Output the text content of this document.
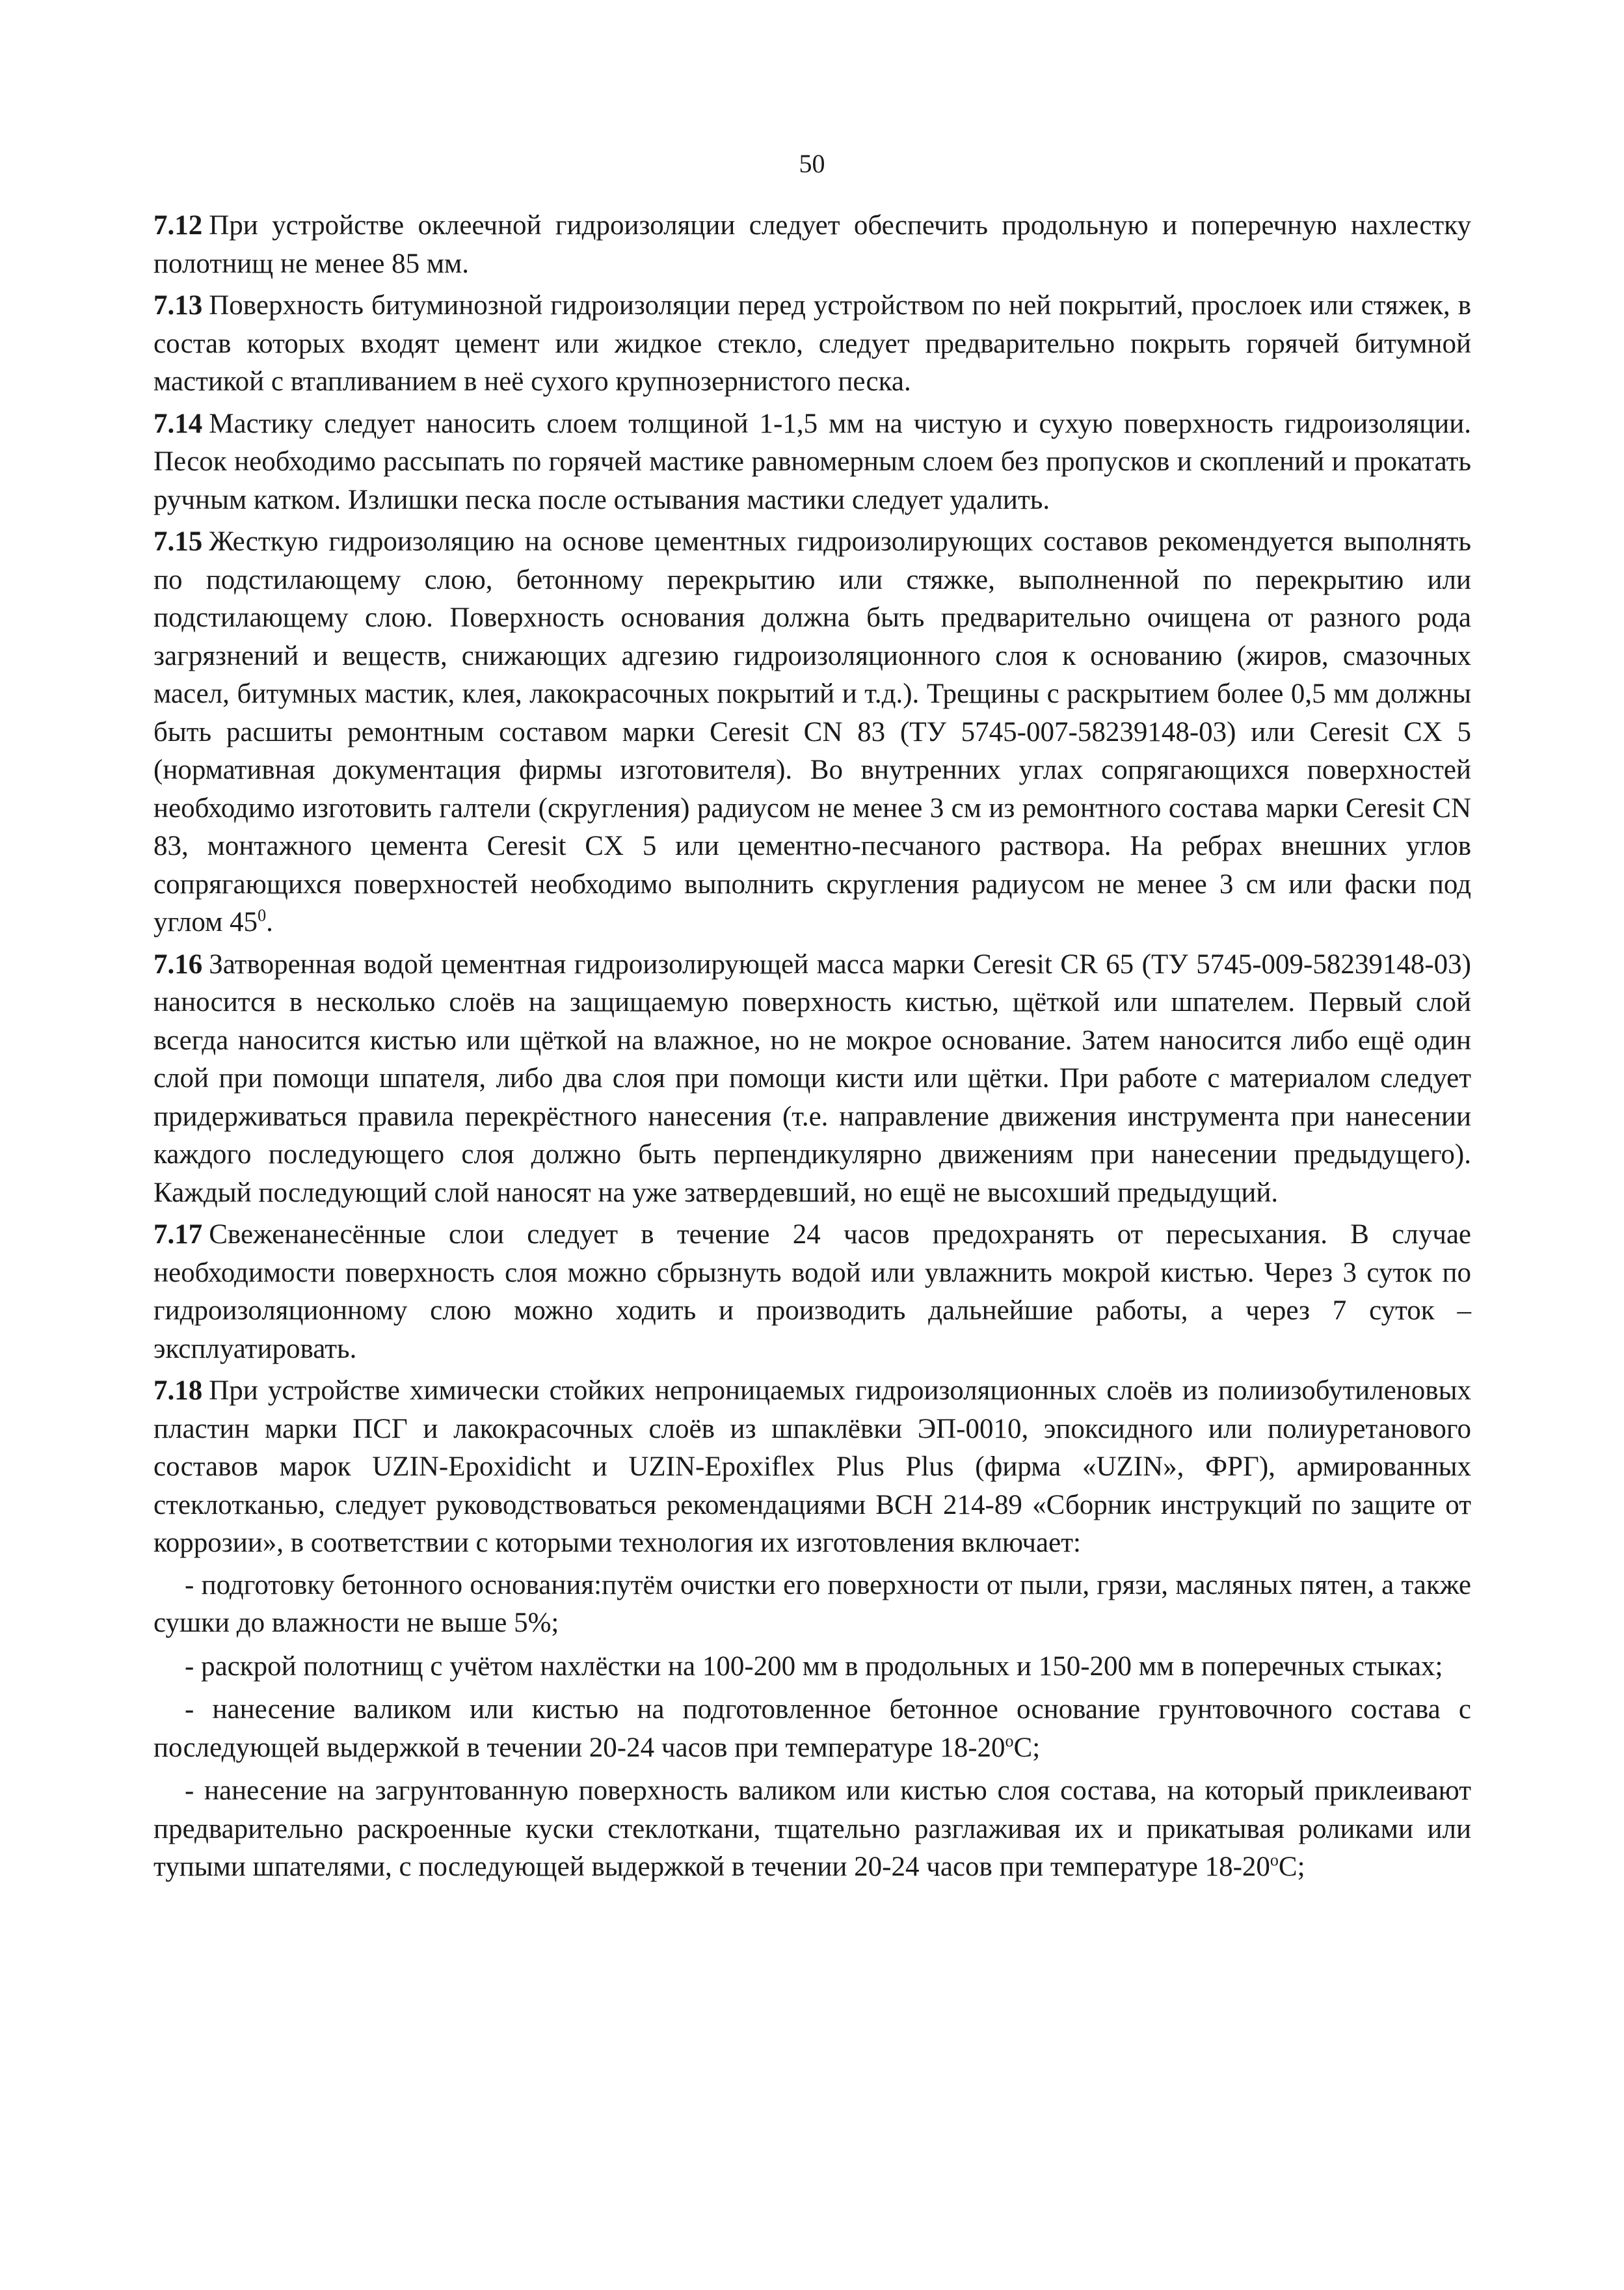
50

7.12 При устройстве оклеечной гидроизоляции следует обеспечить продольную и поперечную нахлестку полотнищ не менее 85 мм.

7.13 Поверхность битуминозной гидроизоляции перед устройством по ней покрытий, прослоек или стяжек, в состав которых входят цемент или жидкое стекло, следует предварительно покрыть горячей битумной мастикой с втапливанием в неё сухого крупнозернистого песка.

7.14 Мастику следует наносить слоем толщиной 1-1,5 мм на чистую и сухую поверхность гидроизоляции. Песок необходимо рассыпать по горячей мастике равномерным слоем без пропусков и скоплений и прокатать ручным катком. Излишки песка после остывания мастики следует удалить.

7.15 Жесткую гидроизоляцию на основе цементных гидроизолирующих составов рекомендуется выполнять по подстилающему слою, бетонному перекрытию или стяжке, выполненной по перекрытию или подстилающему слою. Поверхность основания должна быть предварительно очищена от разного рода загрязнений и веществ, снижающих адгезию гидроизоляционного слоя к основанию (жиров, смазочных масел, битумных мастик, клея, лакокрасочных покрытий и т.д.). Трещины с раскрытием более 0,5 мм должны быть расшиты ремонтным составом марки Ceresit CN 83 (ТУ 5745-007-58239148-03) или Ceresit CX 5 (нормативная документация фирмы изготовителя). Во внутренних углах сопрягающихся поверхностей необходимо изготовить галтели (скругления) радиусом не менее 3 см из ремонтного состава марки Ceresit CN 83, монтажного цемента Ceresit CX 5 или цементно-песчаного раствора. На ребрах внешних углов сопрягающихся поверхностей необходимо выполнить скругления радиусом не менее 3 см или фаски под углом $45^0$.

7.16 Затворенная водой цементная гидроизолирующей масса марки Ceresit CR 65 (ТУ 5745-009-58239148-03) наносится в несколько слоёв на защищаемую поверхность кистью, щёткой или шпателем. Первый слой всегда наносится кистью или щёткой на влажное, но не мокрое основание. Затем наносится либо ещё один слой при помощи шпателя, либо два слоя при помощи кисти или щётки. При работе с материалом следует придерживаться правила перекрёстного нанесения (т.е. направление движения инструмента при нанесении каждого последующего слоя должно быть перпендикулярно движениям при нанесении предыдущего). Каждый последующий слой наносят на уже затвердевший, но ещё не высохший предыдущий.

7.17 Свеженанесённые слои следует в течение 24 часов предохранять от пересыхания. В случае необходимости поверхность слоя можно сбрызнуть водой или увлажнить мокрой кистью. Через 3 суток по гидроизоляционному слою можно ходить и производить дальнейшие работы, а через 7 суток – эксплуатировать.

7.18 При устройстве химически стойких непроницаемых гидроизоляционных слоёв из полиизобутиленовых пластин марки ПСГ и лакокрасочных слоёв из шпаклёвки ЭП-0010, эпоксидного или полиуретанового составов марок UZIN-Epoxidicht и UZIN-Epoxiflex Plus Plus (фирма «UZIN», ФРГ), армированных стеклотканью, следует руководствоваться рекомендациями ВСН 214-89 «Сборник инструкций по защите от коррозии», в соответствии с которыми технология их изготовления включает:

- подготовку бетонного основания:путём очистки его поверхности от пыли, грязи, масляных пятен, а также сушки до влажности не выше 5%;

- раскрой полотнищ с учётом нахлёстки на 100-200 мм в продольных и 150-200 мм в поперечных стыках;

- нанесение валиком или кистью на подготовленное бетонное основание грунтовочного состава с последующей выдержкой в течении 20-24 часов при температуре 18-20$^o$С;

- нанесение на загрунтованную поверхность валиком или кистью слоя состава, на который приклеивают предварительно раскроенные куски стеклоткани, тщательно разглаживая их и прикатывая роликами или тупыми шпателями, с последующей выдержкой в течении 20-24 часов при температуре 18-20$^o$С;
